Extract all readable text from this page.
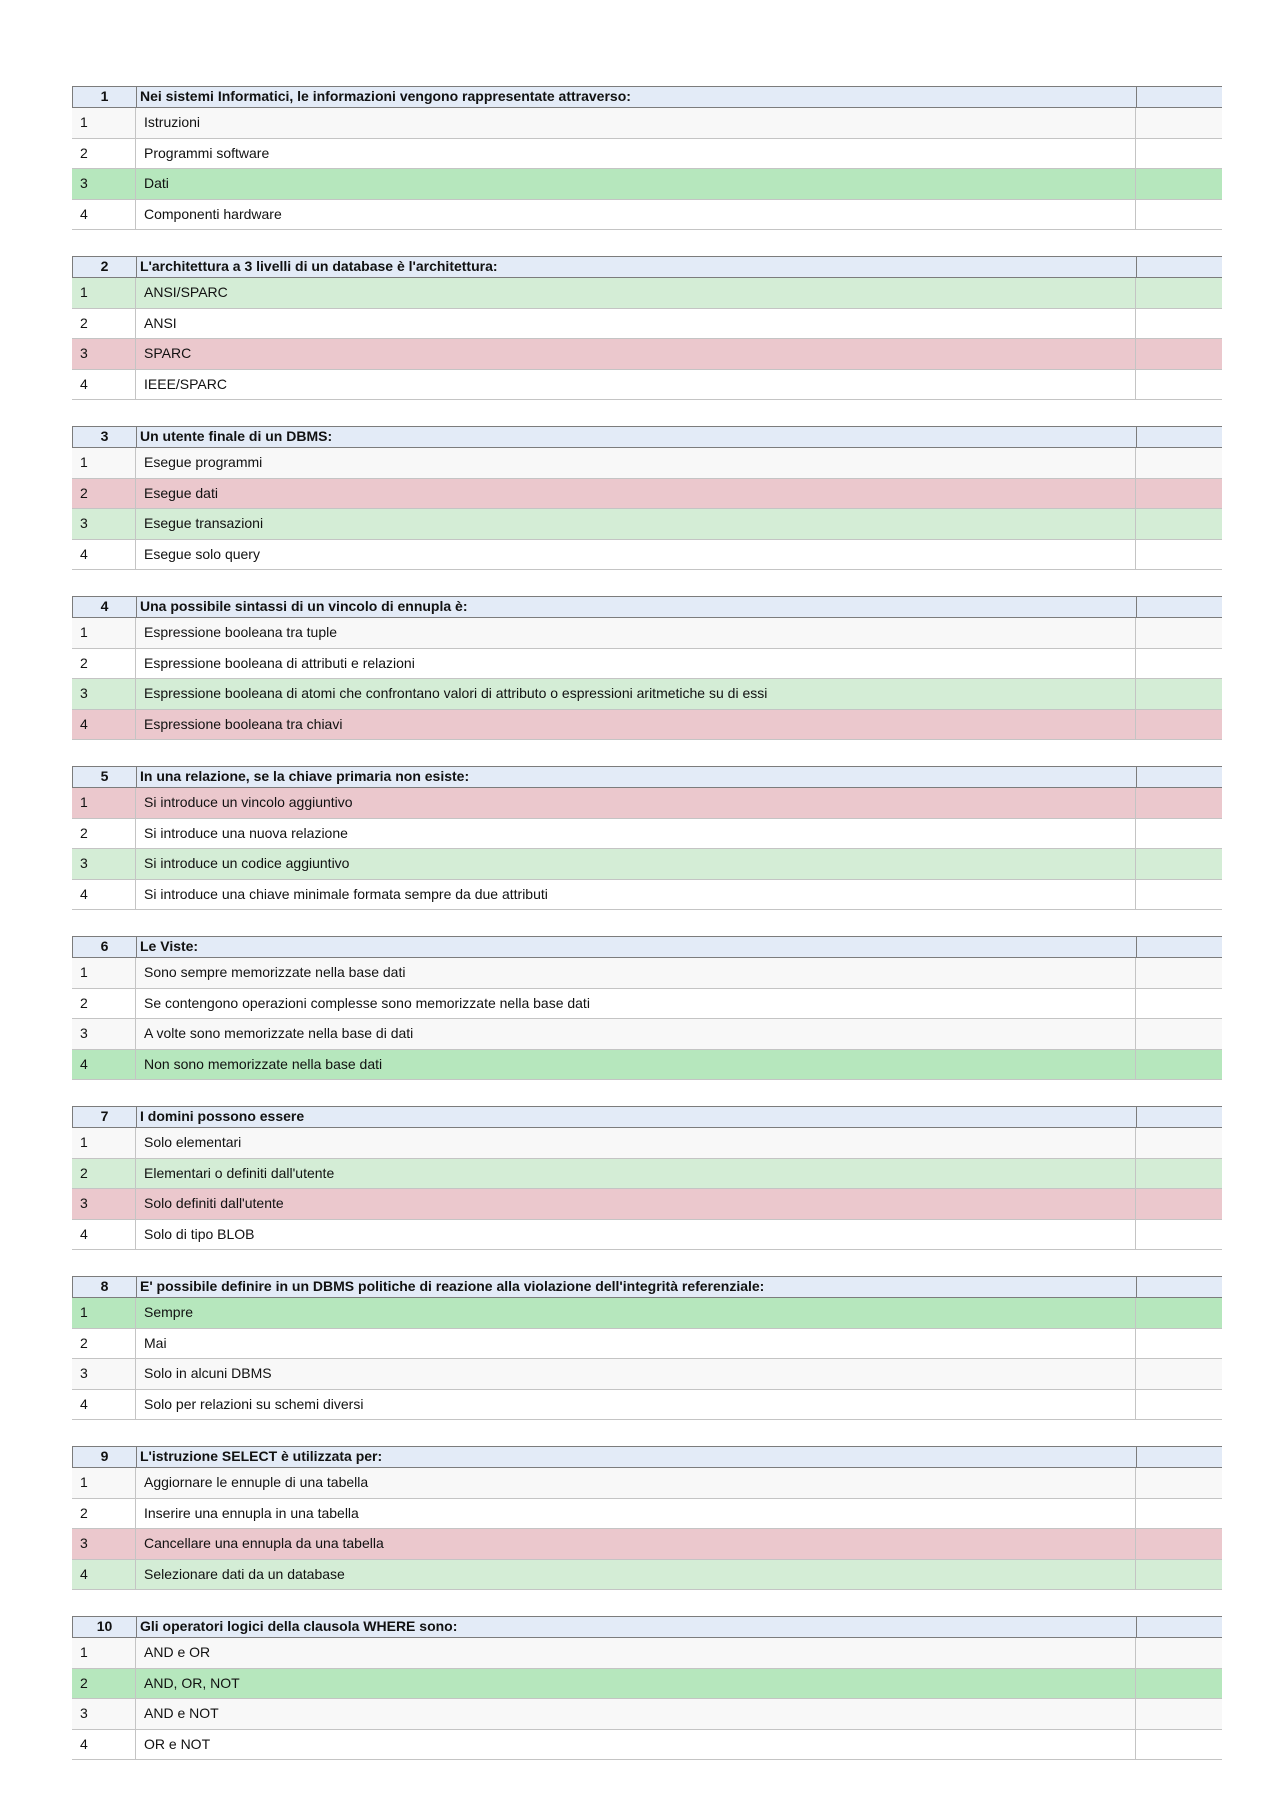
1	Nei sistemi Informatici, le informazioni vengono rappresentate attraverso:
1	Istruzioni
2	Programmi software
3	Dati
4	Componenti hardware
2	L'architettura a 3 livelli di un database è l'architettura:
1	ANSI/SPARC
2	ANSI
3	SPARC
4	IEEE/SPARC
3	Un utente finale di un DBMS:
1	Esegue programmi
2	Esegue dati
3	Esegue transazioni
4	Esegue solo query
4	Una possibile sintassi di un vincolo di ennupla è:
1	Espressione booleana tra tuple
2	Espressione booleana di attributi e relazioni
3	Espressione booleana di atomi che confrontano valori di attributo o espressioni aritmetiche su di essi
4	Espressione booleana tra chiavi
5	In una relazione, se la chiave primaria non esiste:
1	Si introduce un vincolo aggiuntivo
2	Si introduce una nuova relazione
3	Si introduce un codice aggiuntivo
4	Si introduce una chiave minimale formata sempre da due attributi
6	Le Viste:
1	Sono sempre memorizzate nella base dati
2	Se contengono operazioni complesse sono memorizzate nella base dati
3	A volte sono memorizzate nella base di dati
4	Non sono memorizzate nella base dati
7	I domini possono essere
1	Solo elementari
2	Elementari o definiti dall'utente
3	Solo definiti dall'utente
4	Solo di tipo BLOB
8	E' possibile definire in un DBMS politiche di reazione alla violazione dell'integrità referenziale:
1	Sempre
2	Mai
3	Solo in alcuni DBMS
4	Solo per relazioni su schemi diversi
9	L'istruzione SELECT è utilizzata per:
1	Aggiornare le ennuple di una tabella
2	Inserire una ennupla in una tabella
3	Cancellare una ennupla da una tabella
4	Selezionare dati da un database
10	Gli operatori logici della clausola WHERE sono:
1	AND e OR
2	AND, OR, NOT
3	AND e NOT
4	OR e NOT
